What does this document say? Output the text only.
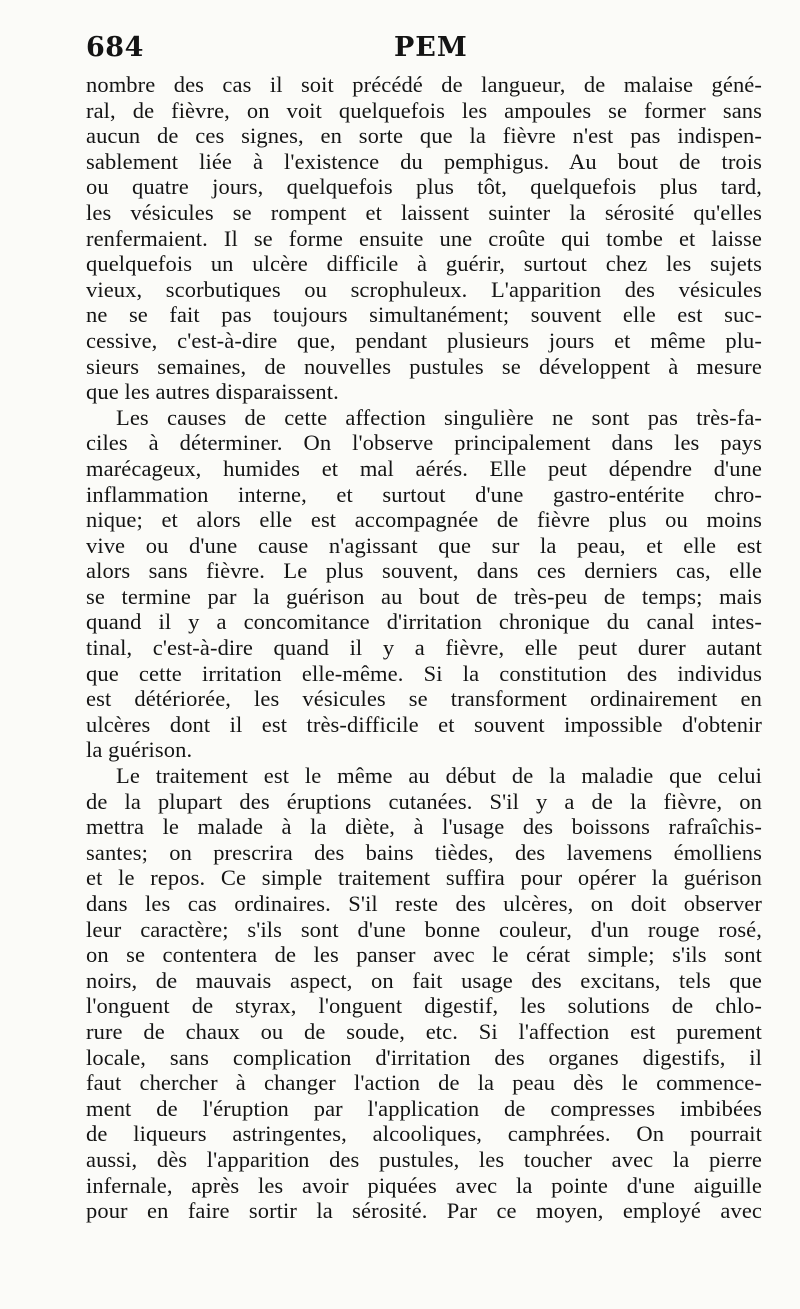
684	PEM
nombre des cas il soit précédé de langueur, de malaise géné-
ral, de fièvre, on voit quelquefois les ampoules se former sans
aucun de ces signes, en sorte que la fièvre n'est pas indispen-
sablement liée à l'existence du pemphigus. Au bout de trois
ou quatre jours, quelquefois plus tôt, quelquefois plus tard,
les vésicules se rompent et laissent suinter la sérosité qu'elles
renfermaient. Il se forme ensuite une croûte qui tombe et laisse
quelquefois un ulcère difficile à guérir, surtout chez les sujets
vieux, scorbutiques ou scrophuleux. L'apparition des vésicules
ne se fait pas toujours simultanément; souvent elle est suc-
cessive, c'est-à-dire que, pendant plusieurs jours et même plu-
sieurs semaines, de nouvelles pustules se développent à mesure
que les autres disparaissent.
Les causes de cette affection singulière ne sont pas très-fa-
ciles à déterminer. On l'observe principalement dans les pays
marécageux, humides et mal aérés. Elle peut dépendre d'une
inflammation interne, et surtout d'une gastro-entérite chro-
nique; et alors elle est accompagnée de fièvre plus ou moins
vive ou d'une cause n'agissant que sur la peau, et elle est
alors sans fièvre. Le plus souvent, dans ces derniers cas, elle
se termine par la guérison au bout de très-peu de temps; mais
quand il y a concomitance d'irritation chronique du canal intes-
tinal, c'est-à-dire quand il y a fièvre, elle peut durer autant
que cette irritation elle-même. Si la constitution des individus
est détériorée, les vésicules se transforment ordinairement en
ulcères dont il est très-difficile et souvent impossible d'obtenir
la guérison.
Le traitement est le même au début de la maladie que celui
de la plupart des éruptions cutanées. S'il y a de la fièvre, on
mettra le malade à la diète, à l'usage des boissons rafraîchis-
santes; on prescrira des bains tièdes, des lavemens émolliens
et le repos. Ce simple traitement suffira pour opérer la guérison
dans les cas ordinaires. S'il reste des ulcères, on doit observer
leur caractère; s'ils sont d'une bonne couleur, d'un rouge rosé,
on se contentera de les panser avec le cérat simple; s'ils sont
noirs, de mauvais aspect, on fait usage des excitans, tels que
l'onguent de styrax, l'onguent digestif, les solutions de chlo-
rure de chaux ou de soude, etc. Si l'affection est purement
locale, sans complication d'irritation des organes digestifs, il
faut chercher à changer l'action de la peau dès le commence-
ment de l'éruption par l'application de compresses imbibées
de liqueurs astringentes, alcooliques, camphrées. On pourrait
aussi, dès l'apparition des pustules, les toucher avec la pierre
infernale, après les avoir piquées avec la pointe d'une aiguille
pour en faire sortir la sérosité. Par ce moyen, employé avec
